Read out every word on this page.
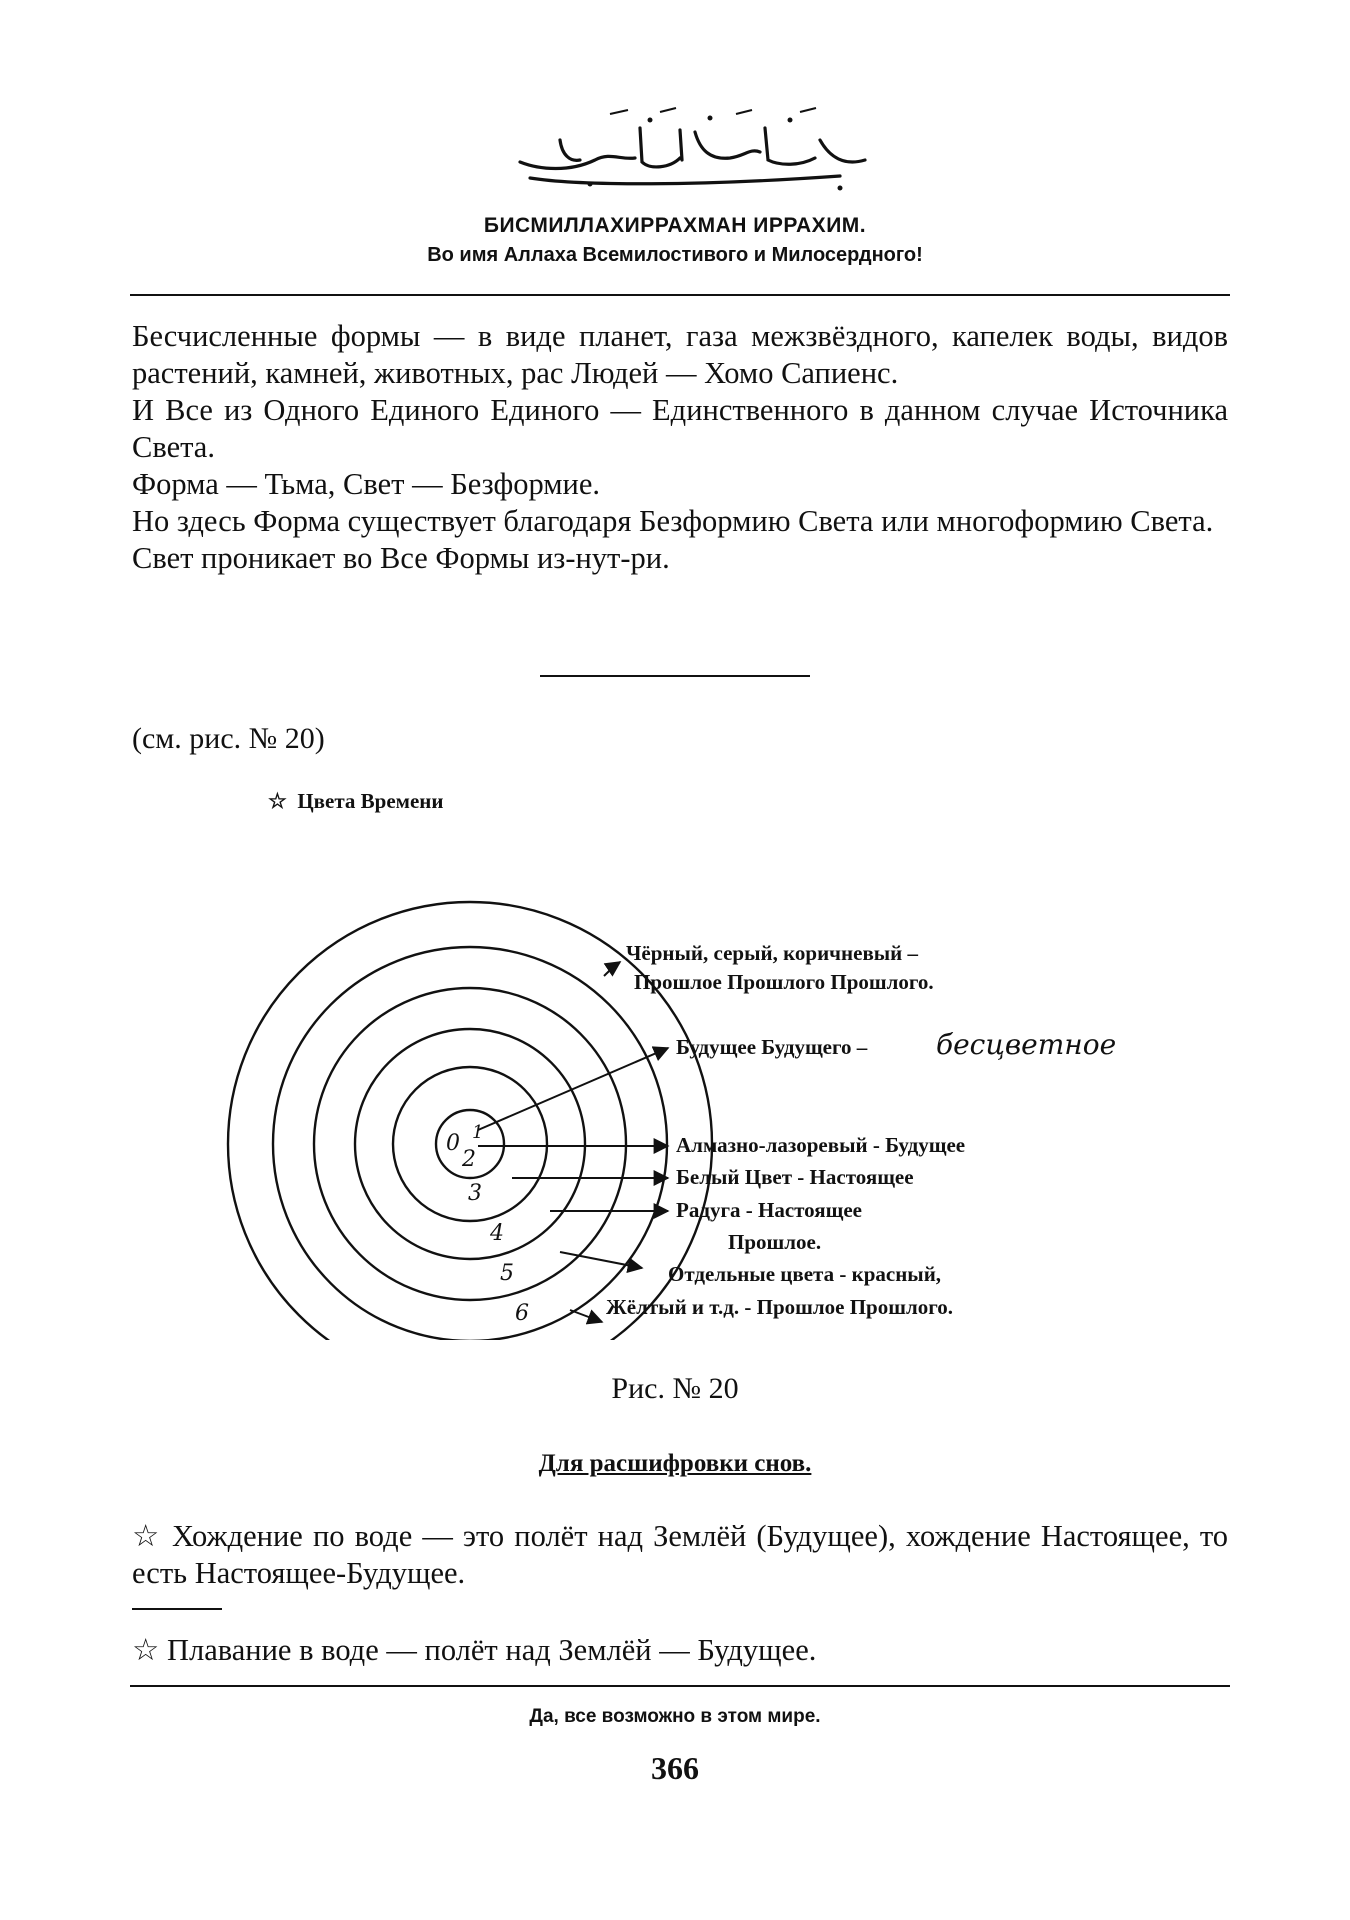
БИСМИЛЛАХИРРАХМАН ИРРАХИМ.
Во имя Аллаха Всемилостивого и Милосердного!

Бесчисленные формы — в виде планет, газа межзвёздного, капелек воды, видов растений, камней, животных, рас Людей — Хомо Сапиенс.

И Все из Одного Единого Единого — Единственного в данном случае Источника Света.

Форма — Тьма, Свет — Безформие.

Но здесь Форма существует благодаря Безформию Света или многоформию Света.

Свет проникает во Все Формы из-нут-ри.

(см. рис. № 20)
☆ Цвета Времени
0 1
2
3
4
5
6
Чёрный, серый, коричневый –
Прошлое Прошлого Прошлого.
Будущее Будущего –
Алмазно-лазоревый - Будущее
Белый Цвет - Настоящее
Радуга - Настоящее
Прошлое.
Отдельные цвета - красный,
Жёлтый и т.д. - Прошлое Прошлого.
бесцветное
Рис. № 20
Для расшифровки снов.
☆ Хождение по воде — это полёт над Землёй (Будущее), хождение Настоящее, то есть Настоящее-Будущее.
☆ Плавание в воде — полёт над Землёй — Будущее.
Да, все возможно в этом мире.
366
